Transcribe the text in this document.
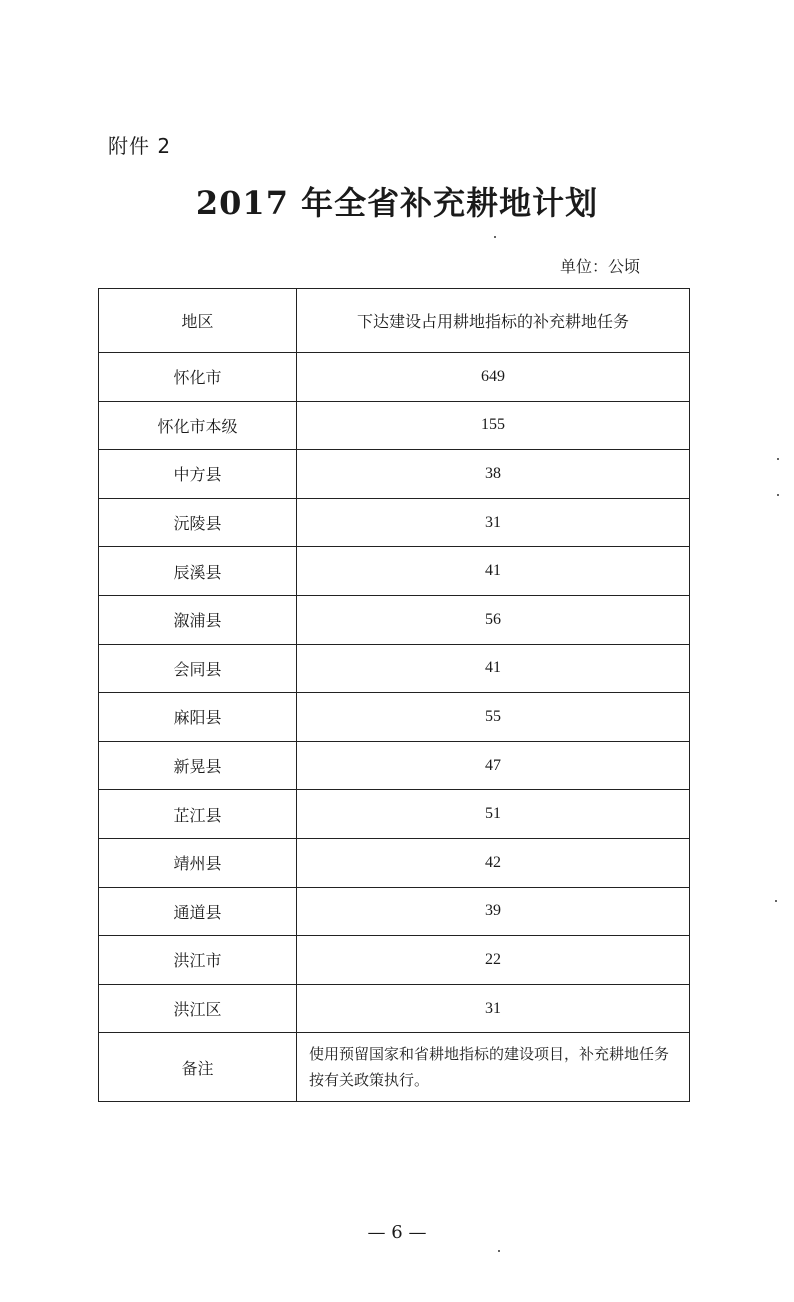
附件 2
2017 年全省补充耕地计划
单位：公顷
地区	下达建设占用耕地指标的补充耕地任务
怀化市	649
怀化市本级	155
中方县	38
沅陵县	31
辰溪县	41
溆浦县	56
会同县	41
麻阳县	55
新晃县	47
芷江县	51
靖州县	42
通道县	39
洪江市	22
洪江区	31
备注	使用预留国家和省耕地指标的建设项目，补充耕地任务按有关政策执行。
— 6 —
